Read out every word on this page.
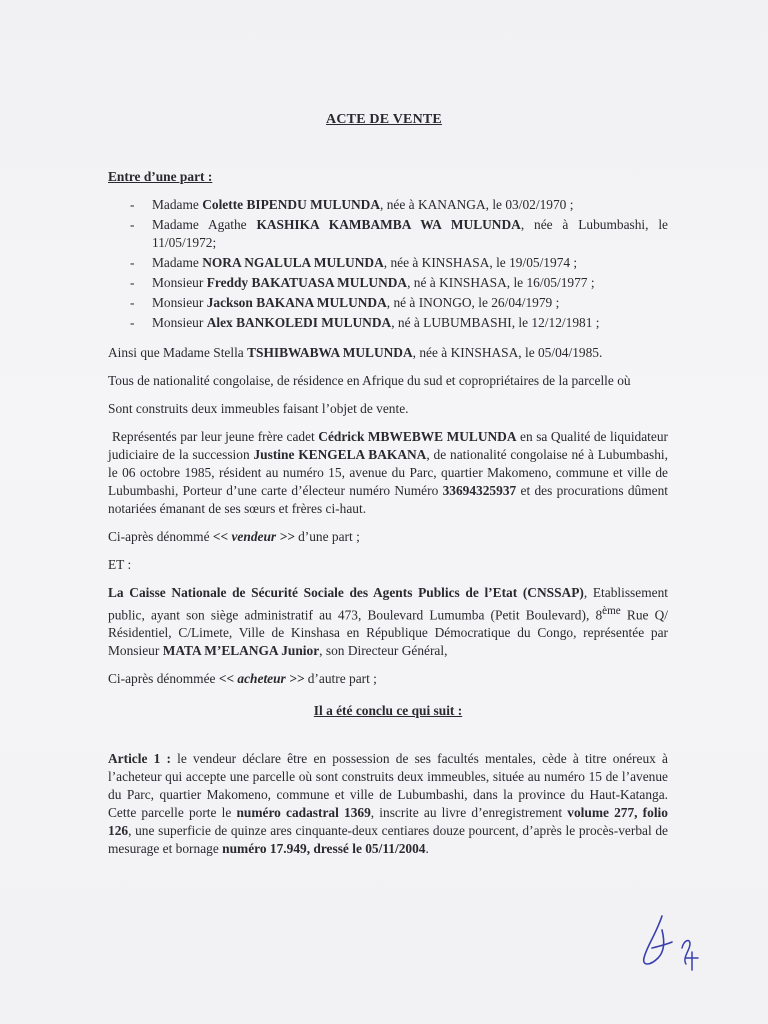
ACTE DE VENTE

Entre d’une part :

- Madame Colette BIPENDU MULUNDA, née à KANANGA, le 03/02/1970 ;
- Madame Agathe KASHIKA KAMBAMBA WA MULUNDA, née à Lubumbashi, le 11/05/1972;
- Madame NORA NGALULA MULUNDA, née à KINSHASA, le 19/05/1974 ;
- Monsieur Freddy BAKATUASA MULUNDA, né à KINSHASA, le 16/05/1977 ;
- Monsieur Jackson BAKANA MULUNDA, né à INONGO, le 26/04/1979 ;
- Monsieur Alex BANKOLEDI MULUNDA, né à LUBUMBASHI, le 12/12/1981 ;

Ainsi que Madame Stella TSHIBWABWA MULUNDA, née à KINSHASA, le 05/04/1985.

Tous de nationalité congolaise, de résidence en Afrique du sud et copropriétaires de la parcelle où

Sont construits deux immeubles faisant l’objet de vente.

Représentés par leur jeune frère cadet Cédrick MBWEBWE MULUNDA en sa Qualité de liquidateur judiciaire de la succession Justine KENGELA BAKANA, de nationalité congolaise né à Lubumbashi, le 06 octobre 1985, résident au numéro 15, avenue du Parc, quartier Makomeno, commune et ville de Lubumbashi, Porteur d’une carte d’électeur numéro Numéro 33694325937 et des procurations dûment notariées émanant de ses sœurs et frères ci-haut.

Ci-après dénommé << vendeur >> d’une part ;

ET :

La Caisse Nationale de Sécurité Sociale des Agents Publics de l’Etat (CNSSAP), Etablissement public, ayant son siège administratif au 473, Boulevard Lumumba (Petit Boulevard), 8ème Rue Q/ Résidentiel, C/Limete, Ville de Kinshasa en République Démocratique du Congo, représentée par Monsieur MATA M’ELANGA Junior, son Directeur Général,

Ci-après dénommée << acheteur >> d’autre part ;

Il a été conclu ce qui suit :

Article 1 : le vendeur déclare être en possession de ses facultés mentales, cède à titre onéreux à l’acheteur qui accepte une parcelle où sont construits deux immeubles, située au numéro 15 de l’avenue du Parc, quartier Makomeno, commune et ville de Lubumbashi, dans la province du Haut-Katanga. Cette parcelle porte le numéro cadastral 1369, inscrite au livre d’enregistrement volume 277, folio 126, une superficie de quinze ares cinquante-deux centiares douze pourcent, d’après le procès-verbal de mesurage et bornage numéro 17.949, dressé le 05/11/2004.
